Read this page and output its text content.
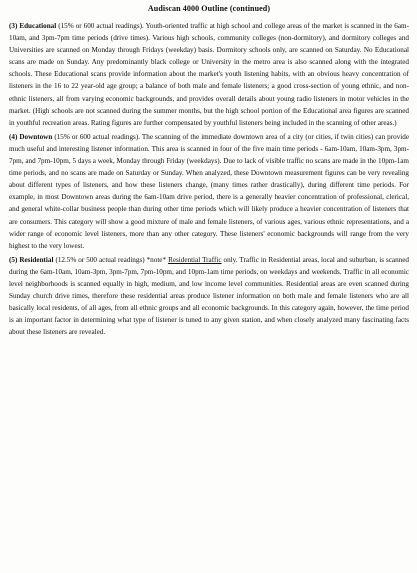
Audiscan 4000 Outline (continued)

(3) Educational (15% or 600 actual readings). Youth-oriented traffic at high school and college areas of the market is scanned in the 6am-10am, and 3pm-7pm time periods (drive times). Various high schools, community colleges (non-dormitory), and dormitory colleges and Universities are scanned on Monday through Fridays (weekday) basis. Dormitory schools only, are scanned on Saturday. No Educational scans are made on Sunday. Any predominantly black college or University in the metro area is also scanned along with the integrated schools. These Educational scans provide information about the market's youth listening habits, with an obvious heavy concentration of listeners in the 16 to 22 year-old age group; a balance of both male and female listeners; a good cross-section of young ethnic, and non-ethnic listeners, all from varying economic backgrounds, and provides overall details about young radio listeners in motor vehicles in the market. (High schools are not scanned during the summer months, but the high school portion of the Educational area figures are scanned in youthful recreation areas. Rating figures are further compensated by youthful listeners being included in the scanning of other areas.)

(4) Downtown (15% or 600 actual readings). The scanning of the immediate downtown area of a city (or cities, if twin cities) can provide much useful and interesting listener information. This area is scanned in four of the five main time periods - 6am-10am, 10am-3pm, 3pm-7pm, and 7pm-10pm, 5 days a week, Monday through Friday (weekdays). Due to lack of visible traffic no scans are made in the 10pm-1am time periods, and no scans are made on Saturday or Sunday. When analyzed, these Downtown measurement figures can be very revealing about different types of listeners, and how these listeners change, (many times rather drastically), during different time periods. For example, in most Downtown areas during the 6am-10am drive period, there is a generally heavier concentration of professional, clerical, and general white-collar business people than during other time periods which will likely produce a heavier concentration of listeners that are consumers. This category will show a good mixture of male and female listeners, of various ages, various ethnic representations, and a wider range of economic level listeners, more than any other category. These listeners' economic backgrounds will range from the very highest to the very lowest.

(5) Residential (12.5% or 500 actual readings) *note* Residential Traffic only. Traffic in Residential areas, local and suburban, is scanned during the 6am-10am, 10am-3pm, 3pm-7pm, 7pm-10pm, and 10pm-1am time periods, on weekdays and weekends. Traffic in all economic level neighborhoods is scanned equally in high, medium, and low income level communities. Residential areas are even scanned during Sunday church drive times, therefore these residential areas produce listener information on both male and female listeners who are all basically local residents, of all ages, from all ethnic groups and all economic backgrounds. In this category again, however, the time period is an important factor in determining what type of listener is tuned to any given station, and when closely analyzed many fascinating facts about these listeners are revealed.
